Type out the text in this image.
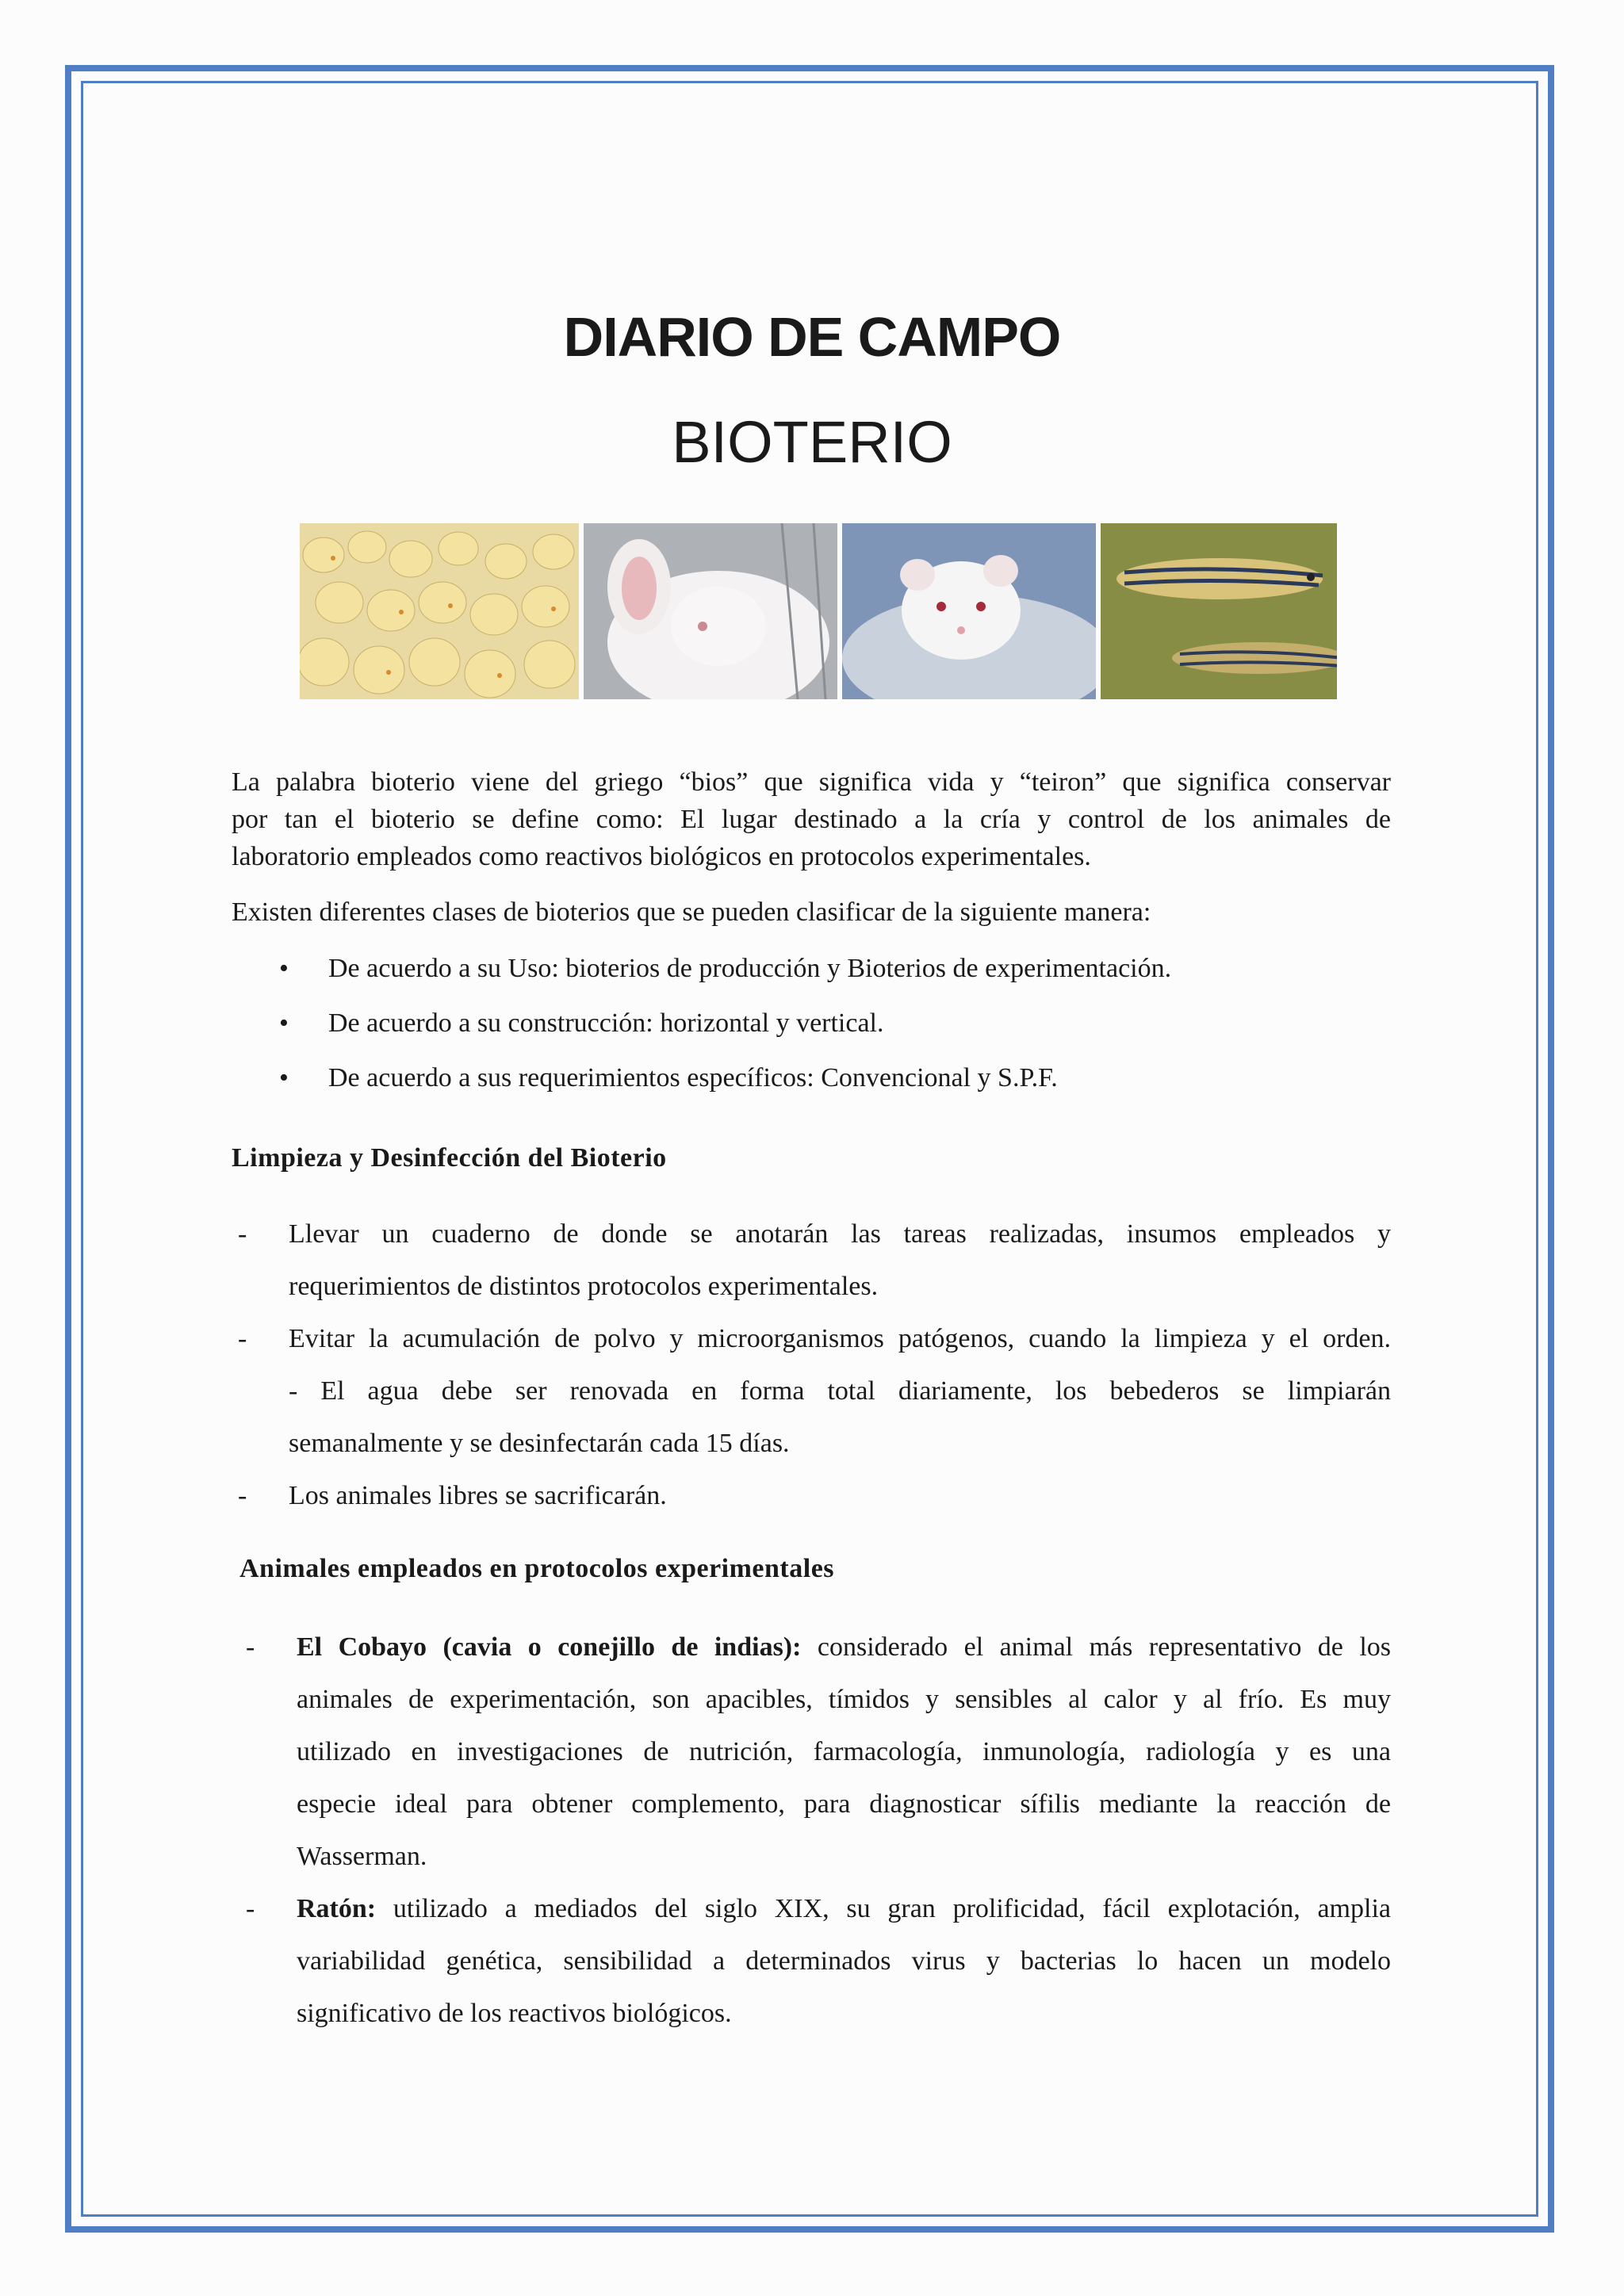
DIARIO DE CAMPO
BIOTERIO
La palabra bioterio viene del griego “bios” que significa vida y “teiron” que significa conservar
por tan el bioterio se define como: El lugar destinado a la cría y control de los animales de
laboratorio empleados como reactivos biológicos en protocolos experimentales.
Existen diferentes clases de bioterios que se pueden clasificar de la siguiente manera:
• De acuerdo a su Uso: bioterios de producción y Bioterios de experimentación.
• De acuerdo a su construcción: horizontal y vertical.
• De acuerdo a sus requerimientos específicos: Convencional y S.P.F.
Limpieza y Desinfección del Bioterio
- Llevar un cuaderno de donde se anotarán las tareas realizadas, insumos empleados y
requerimientos de distintos protocolos experimentales.
- Evitar la acumulación de polvo y microorganismos patógenos, cuando la limpieza y el orden.
- El agua debe ser renovada en forma total diariamente, los bebederos se limpiarán
semanalmente y se desinfectarán cada 15 días.
- Los animales libres se sacrificarán.
Animales empleados en protocolos experimentales
- El Cobayo (cavia o conejillo de indias): considerado el animal más representativo de los
animales de experimentación, son apacibles, tímidos y sensibles al calor y al frío. Es muy
utilizado en investigaciones de nutrición, farmacología, inmunología, radiología y es una
especie ideal para obtener complemento, para diagnosticar sífilis mediante la reacción de
Wasserman.
- Ratón: utilizado a mediados del siglo XIX, su gran prolificidad, fácil explotación, amplia
variabilidad genética, sensibilidad a determinados virus y bacterias lo hacen un modelo
significativo de los reactivos biológicos.
